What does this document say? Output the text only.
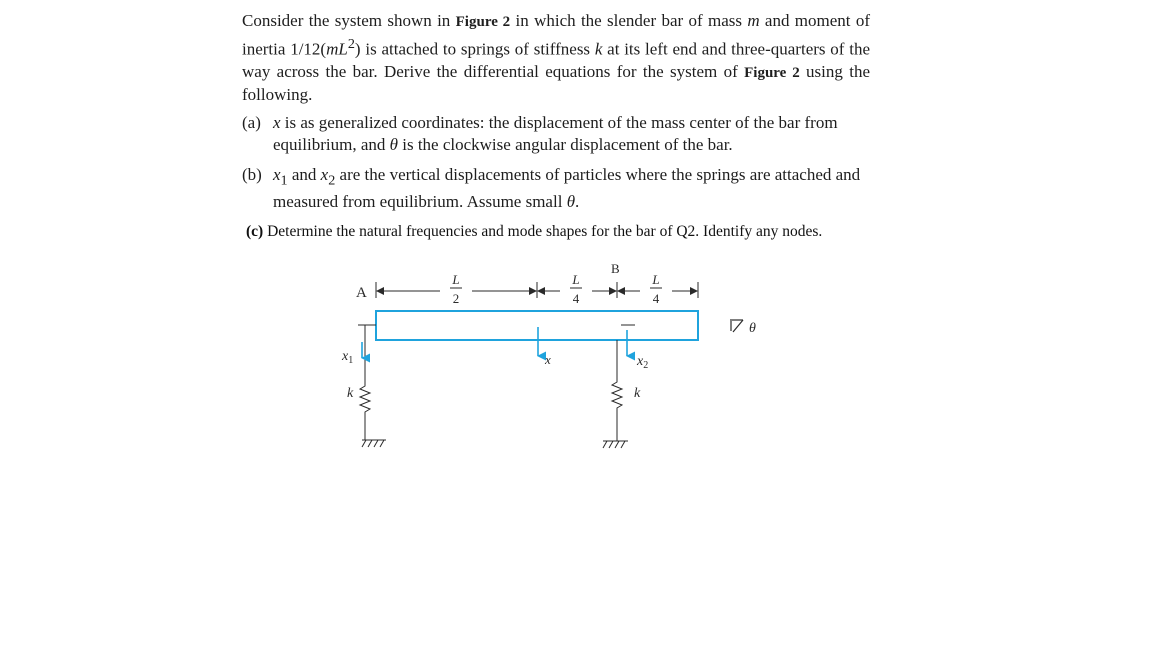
Consider the system shown in Figure 2 in which the slender bar of mass m and moment of inertia $1/12(mL^2)$ is attached to springs of stiffness k at its left end and three-quarters of the way across the bar. Derive the differential equations for the system of Figure 2 using the following.

(a) x is as generalized coordinates: the displacement of the mass center of the bar from equilibrium, and θ is the clockwise angular displacement of the bar.
(b) $x_1$ and $x_2$ are the vertical displacements of particles where the springs are attached and measured from equilibrium. Assume small θ.
(c) Determine the natural frequencies and mode shapes for the bar of Q2. Identify any nodes.
A
B
L
2
L
4
L
4
θ
$x_1$
k
x	$x_2$
k
